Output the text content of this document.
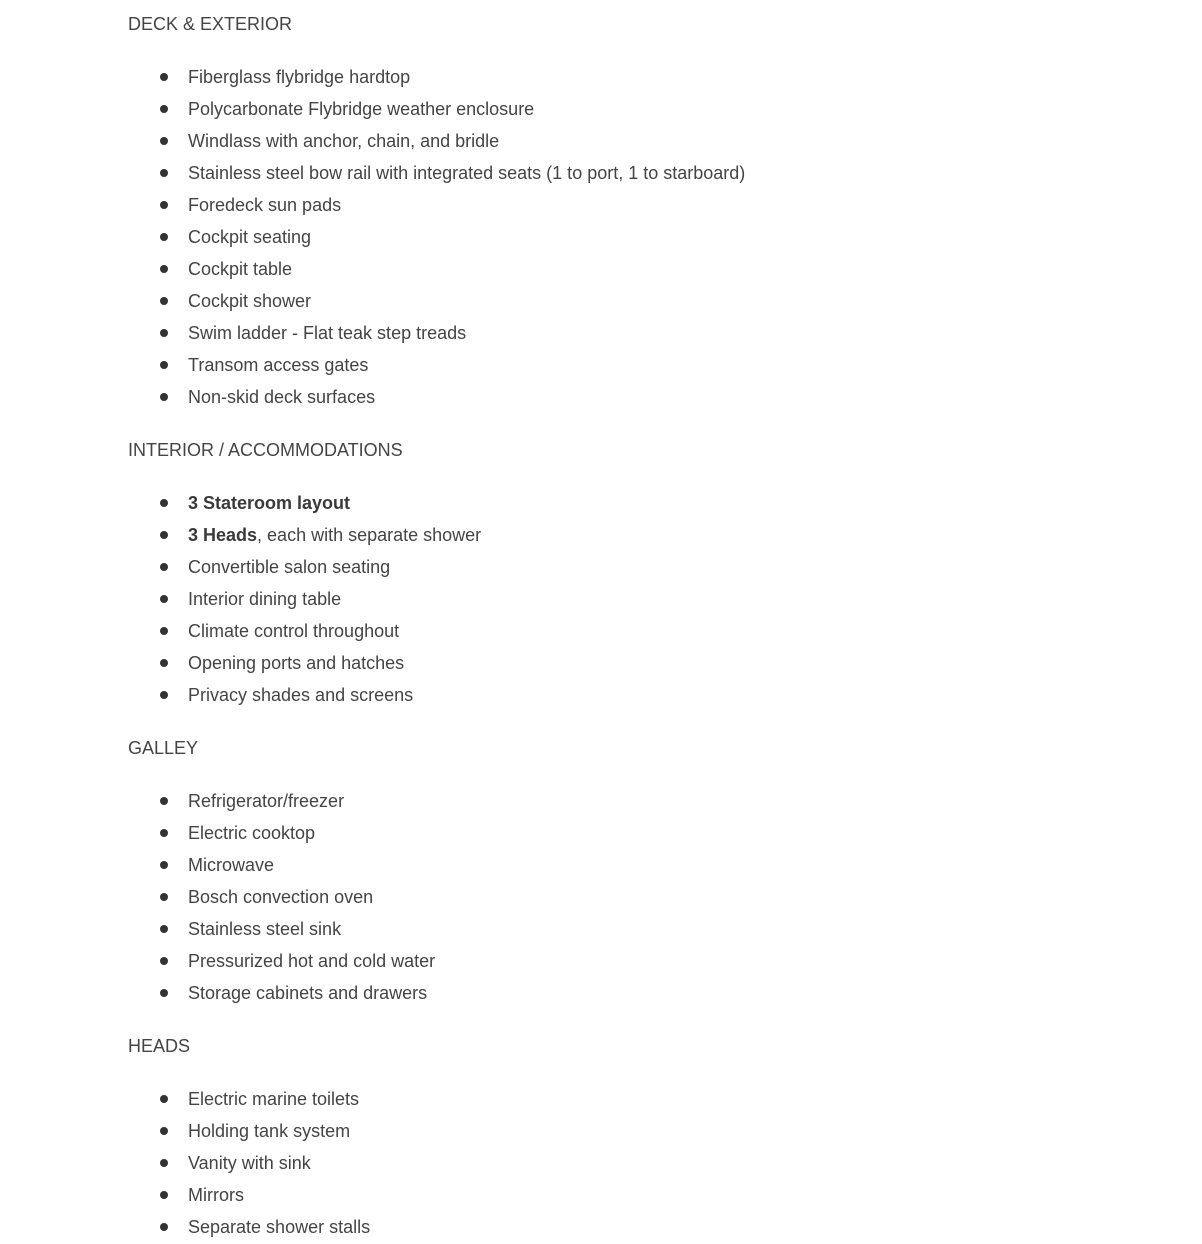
DECK & EXTERIOR
Fiberglass flybridge hardtop
Polycarbonate Flybridge weather enclosure
Windlass with anchor, chain, and bridle
Stainless steel bow rail with integrated seats (1 to port, 1 to starboard)
Foredeck sun pads
Cockpit seating
Cockpit table
Cockpit shower
Swim ladder - Flat teak step treads
Transom access gates
Non-skid deck surfaces
INTERIOR / ACCOMMODATIONS
3 Stateroom layout
3 Heads, each with separate shower
Convertible salon seating
Interior dining table
Climate control throughout
Opening ports and hatches
Privacy shades and screens
GALLEY
Refrigerator/freezer
Electric cooktop
Microwave
Bosch convection oven
Stainless steel sink
Pressurized hot and cold water
Storage cabinets and drawers
HEADS
Electric marine toilets
Holding tank system
Vanity with sink
Mirrors
Separate shower stalls
